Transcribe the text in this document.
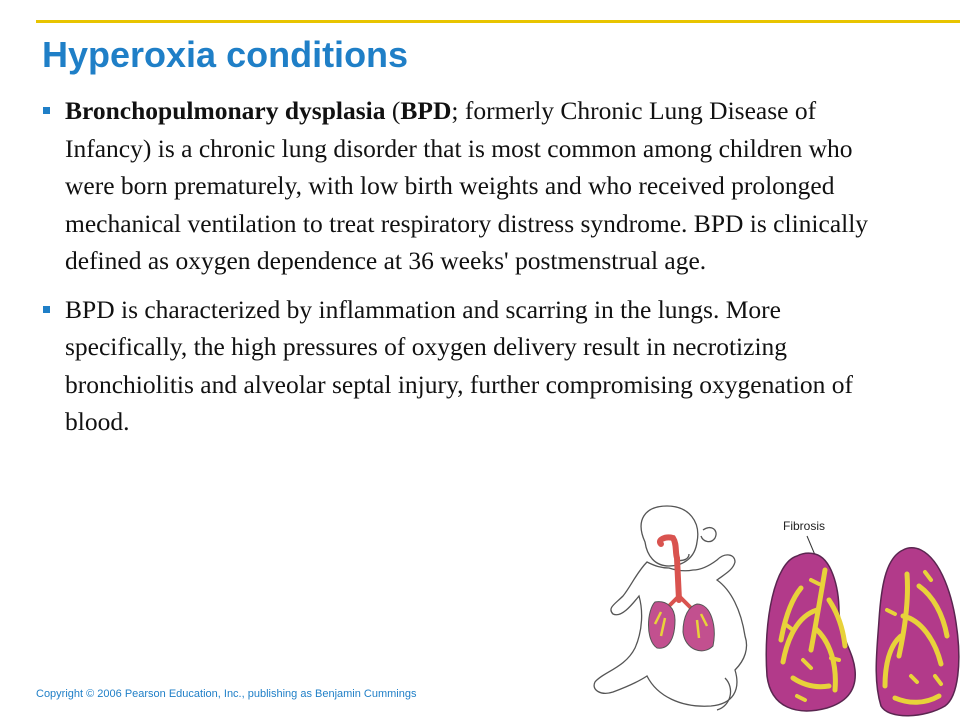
Hyperoxia conditions
Bronchopulmonary dysplasia (BPD; formerly Chronic Lung Disease of Infancy) is a chronic lung disorder that is most common among children who were born prematurely, with low birth weights and who received prolonged mechanical ventilation to treat respiratory distress syndrome. BPD is clinically defined as oxygen dependence at 36 weeks' postmenstrual age.
BPD is characterized by inflammation and scarring in the lungs. More specifically, the high pressures of oxygen delivery result in necrotizing bronchiolitis and alveolar septal injury, further compromising oxygenation of blood.
Fibrosis
Copyright © 2006 Pearson Education, Inc., publishing as Benjamin Cummings
